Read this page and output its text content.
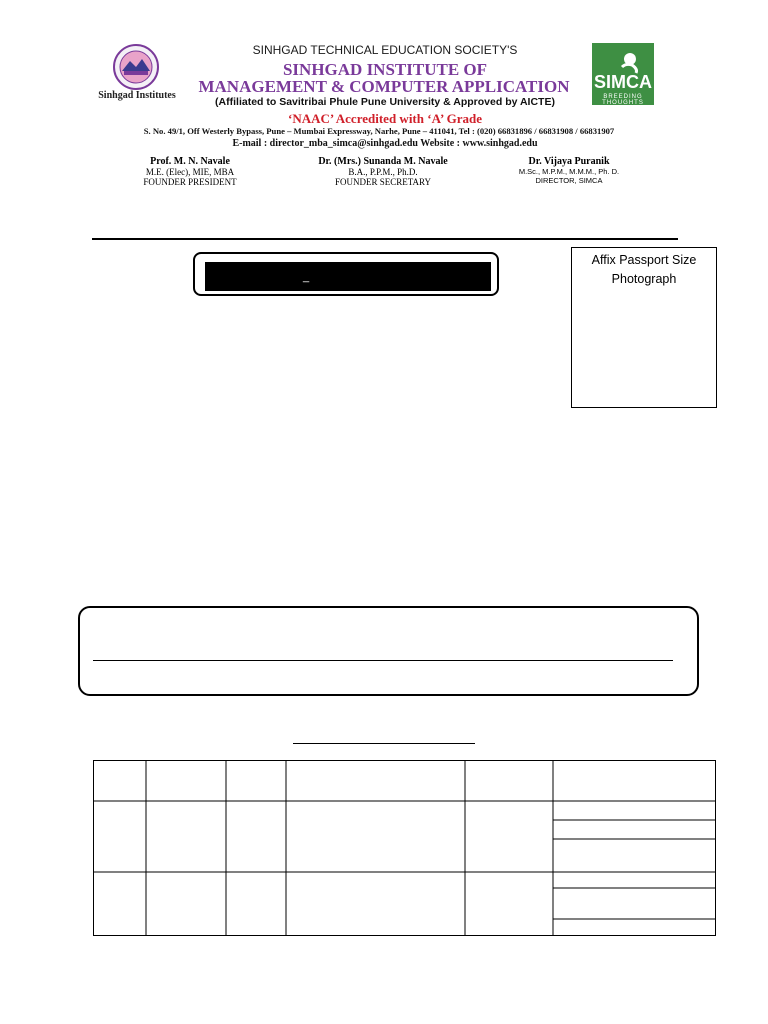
Sinhgad Institutes
SIMCA
BREEDING THOUGHTS
SINHGAD TECHNICAL EDUCATION SOCIETY'S
SINHGAD INSTITUTE OF
MANAGEMENT & COMPUTER APPLICATION
(Affiliated to Savitribai Phule Pune University & Approved by AICTE)
‘NAAC’ Accredited with ‘A’ Grade
S. No. 49/1, Off Westerly Bypass, Pune – Mumbai Expressway, Narhe, Pune – 411041, Tel : (020) 66831896 / 66831908 / 66831907
E-mail : director_mba_simca@sinhgad.edu Website : www.sinhgad.edu
Prof. M. N. Navale
M.E. (Elec), MIE, MBA
FOUNDER PRESIDENT
Dr. (Mrs.) Sunanda M. Navale
B.A., P.P.M., Ph.D.
FOUNDER SECRETARY
Dr. Vijaya Puranik
M.Sc., M.P.M., M.M.M., Ph. D.
DIRECTOR, SIMCA
_
Affix Passport Size
Photograph
